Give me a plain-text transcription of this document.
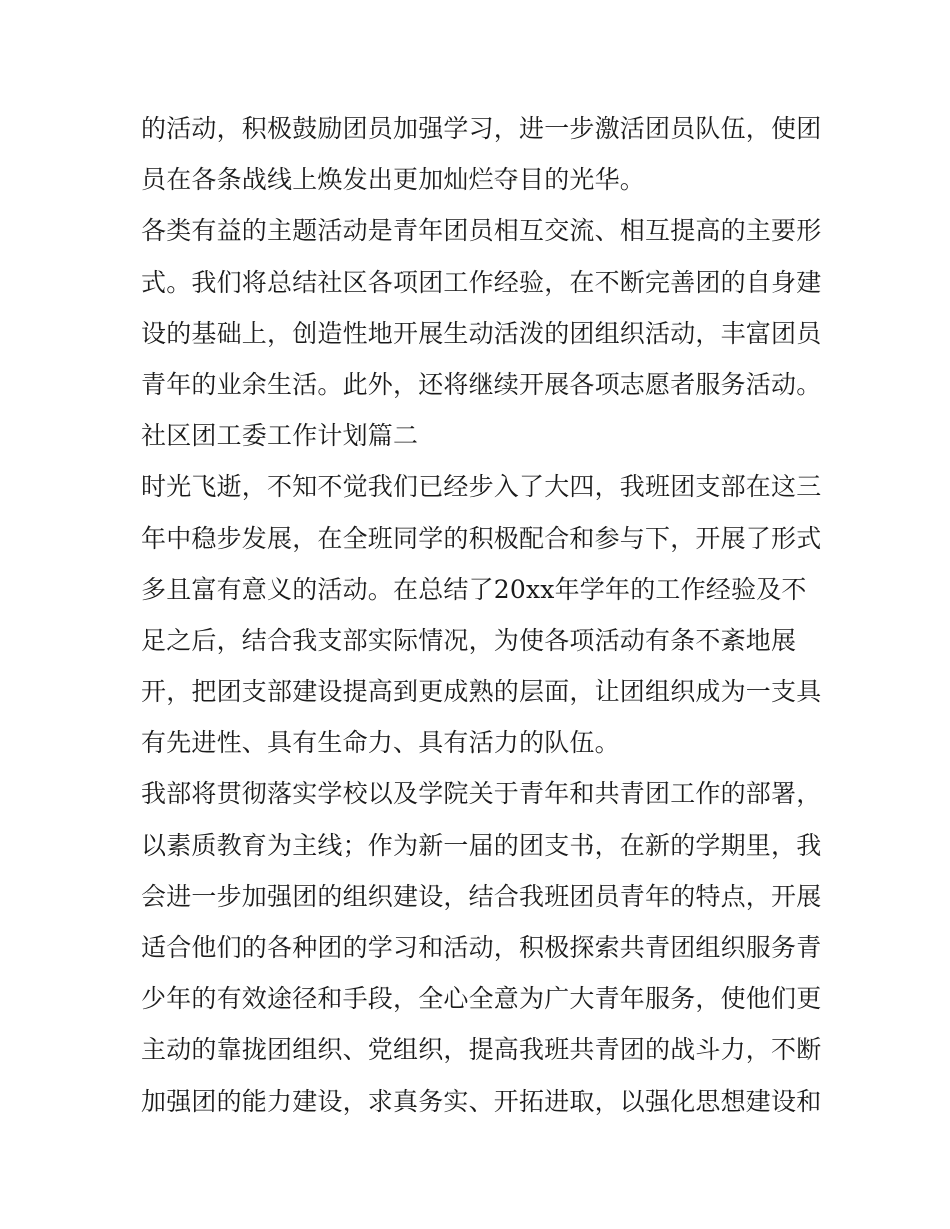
的活动，积极鼓励团员加强学习，进一步激活团员队伍，使团
员在各条战线上焕发出更加灿烂夺目的光华。
各类有益的主题活动是青年团员相互交流、相互提高的主要形
式。我们将总结社区各项团工作经验，在不断完善团的自身建
设的基础上，创造性地开展生动活泼的团组织活动，丰富团员
青年的业余生活。此外，还将继续开展各项志愿者服务活动。
社区团工委工作计划篇二
时光飞逝，不知不觉我们已经步入了大四，我班团支部在这三
年中稳步发展，在全班同学的积极配合和参与下，开展了形式
多且富有意义的活动。在总结了20xx年学年的工作经验及不
足之后，结合我支部实际情况，为使各项活动有条不紊地展
开，把团支部建设提高到更成熟的层面，让团组织成为一支具
有先进性、具有生命力、具有活力的队伍。
我部将贯彻落实学校以及学院关于青年和共青团工作的部署，
以素质教育为主线；作为新一届的团支书，在新的学期里，我
会进一步加强团的组织建设，结合我班团员青年的特点，开展
适合他们的各种团的学习和活动，积极探索共青团组织服务青
少年的有效途径和手段，全心全意为广大青年服务，使他们更
主动的靠拢团组织、党组织，提高我班共青团的战斗力，不断
加强团的能力建设，求真务实、开拓进取，以强化思想建设和
